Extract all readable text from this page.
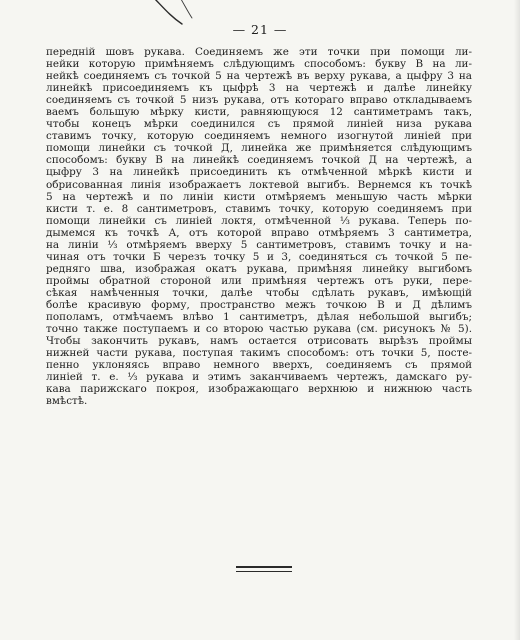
— 21 —

передній шовъ рукава. Соединяемъ же эти точки при помощи ли-
нейки которую примѣняемъ слѣдующимъ способомъ: букву В на ли-
нейкѣ соединяемъ съ точкой 5 на чертежѣ въ верху рукава, а цыфру 3 на
линейкѣ присоединяемъ къ цыфрѣ 3 на чертежѣ и далѣе линейку
соединяемъ съ точкой 5 низъ рукава, отъ котораго вправо откладываемъ
ваемъ большую мѣрку кисти, равняющуюся 12 сантиметрамъ такъ,
чтобы конецъ мѣрки соединился съ прямой линіей низа рукава
ставимъ точку, которую соединяемъ немного изогнутой линіей при
помощи линейки съ точкой Д, линейка же примѣняется слѣдующимъ
способомъ: букву В на линейкѣ соединяемъ точкой Д на чертежѣ, а
цыфру 3 на линейкѣ присоединить къ отмѣченной мѣркѣ кисти и
обрисованная линія изображаетъ локтевой выгибъ. Вернемся къ точкѣ
5 на чертежѣ и по линіи кисти отмѣряемъ меньшую часть мѣрки
кисти т. е. 8 сантиметровъ, ставимъ точку, которую соединяемъ при
помощи линейки съ линіей локтя, отмѣченной ⅓ рукава. Теперь по-
дымемся къ точкѣ А, отъ которой вправо отмѣряемъ 3 сантиметра,
на линіи ⅓ отмѣряемъ вверху 5 сантиметровъ, ставимъ точку и на-
чиная отъ точки Б черезъ точку 5 и 3, соединяться съ точкой 5 пе-
редняго шва, изображая окатъ рукава, примѣняя линейку выгибомъ
проймы обратной стороной или примѣняя чертежъ отъ руки, пере-
сѣкая намѣченныя точки, далѣе чтобы сдѣлать рукавъ, имѣющій
болѣе красивую форму, пространство межъ точкою В и Д дѣлимъ
пополамъ, отмѣчаемъ влѣво 1 сантиметръ, дѣлая небольшой выгибъ;
точно также поступаемъ и со второю частью рукава (см. рисунокъ № 5).
Чтобы закончить рукавъ, намъ остается отрисовать вырѣзъ проймы
нижней части рукава, поступая такимъ способомъ: отъ точки 5, посте-
пенно уклоняясь вправо немного вверхъ, соединяемъ съ прямой
линіей т. е. ⅓ рукава и этимъ заканчиваемъ чертежъ, дамскаго ру-
кава парижскаго покроя, изображающаго верхнюю и нижнюю часть
вмѣстѣ.
